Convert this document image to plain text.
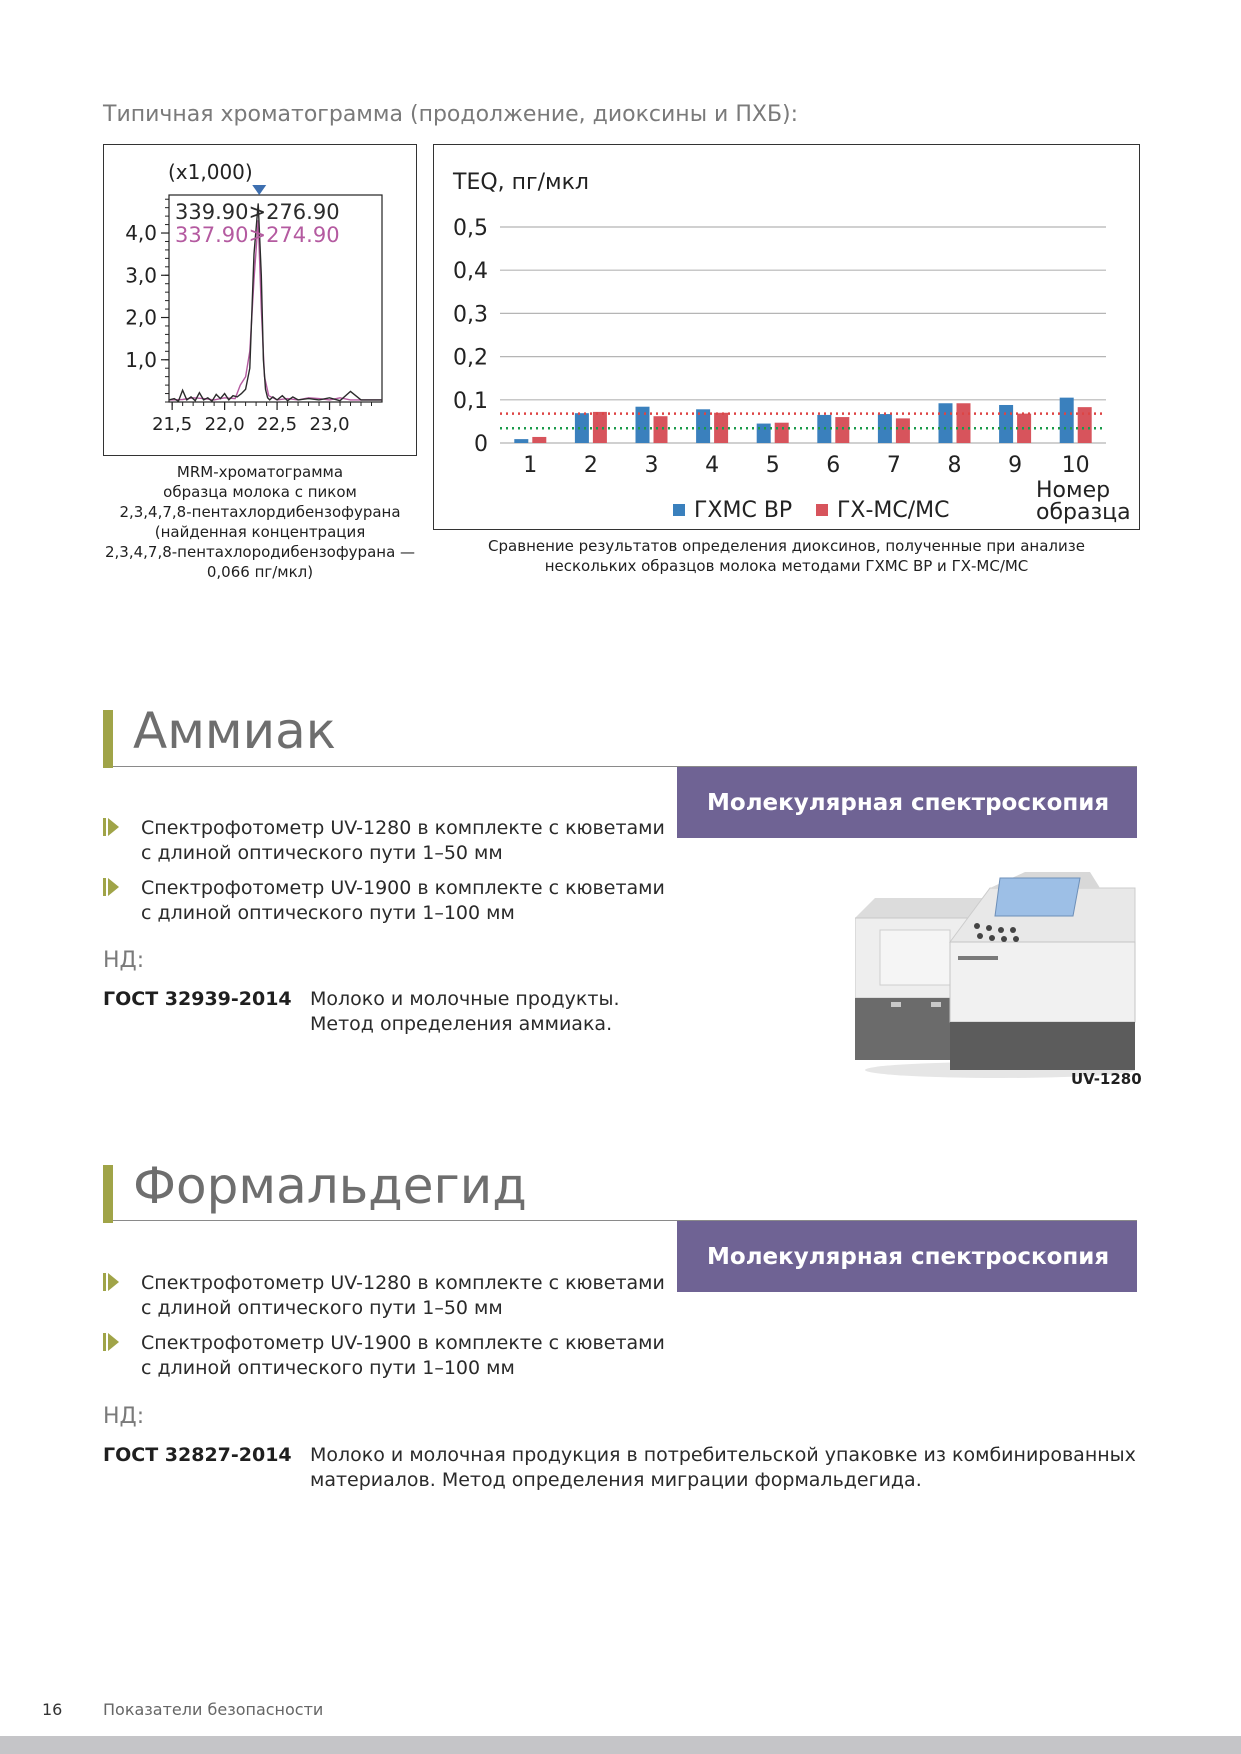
Типичная хроматограмма (продолжение, диоксины и ПХБ):
(x1,000)
1,0
2,0
3,0
4,0
21,5 22,0 22,5 23,0
339.90>276.90
337.90>274.90
MRM-хроматограмма
образца молока с пиком
2,3,4,7,8-пентахлордибензофурана
(найденная концентрация
2,3,4,7,8-пентахлородибензофурана —
0,066 пг/мкл)
TEQ, пг/мкл
0
0,1
0,2
0,3
0,4
0,5
1 2 3 4 5 6 7 8 9 10
ГХМС ВР ГХ-МС/МС
Номер
образца
Сравнение результатов определения диоксинов, полученные при анализе
нескольких образцов молока методами ГХМС ВР и ГХ-МС/МС
Аммиак
Молекулярная спектроскопия
Спектрофотометр UV-1280 в комплекте с кюветами
с длиной оптического пути 1–50 мм
Спектрофотометр UV-1900 в комплекте с кюветами
с длиной оптического пути 1–100 мм
НД:
ГОСТ 32939-2014 Молоко и молочные продукты.
Метод определения аммиака.
UV-1280
Формальдегид
Молекулярная спектроскопия
Спектрофотометр UV-1280 в комплекте с кюветами
с длиной оптического пути 1–50 мм
Спектрофотометр UV-1900 в комплекте с кюветами
с длиной оптического пути 1–100 мм
НД:
ГОСТ 32827-2014 Молоко и молочная продукция в потребительской упаковке из комбинированных
материалов. Метод определения миграции формальдегида.
16	Показатели безопасности
